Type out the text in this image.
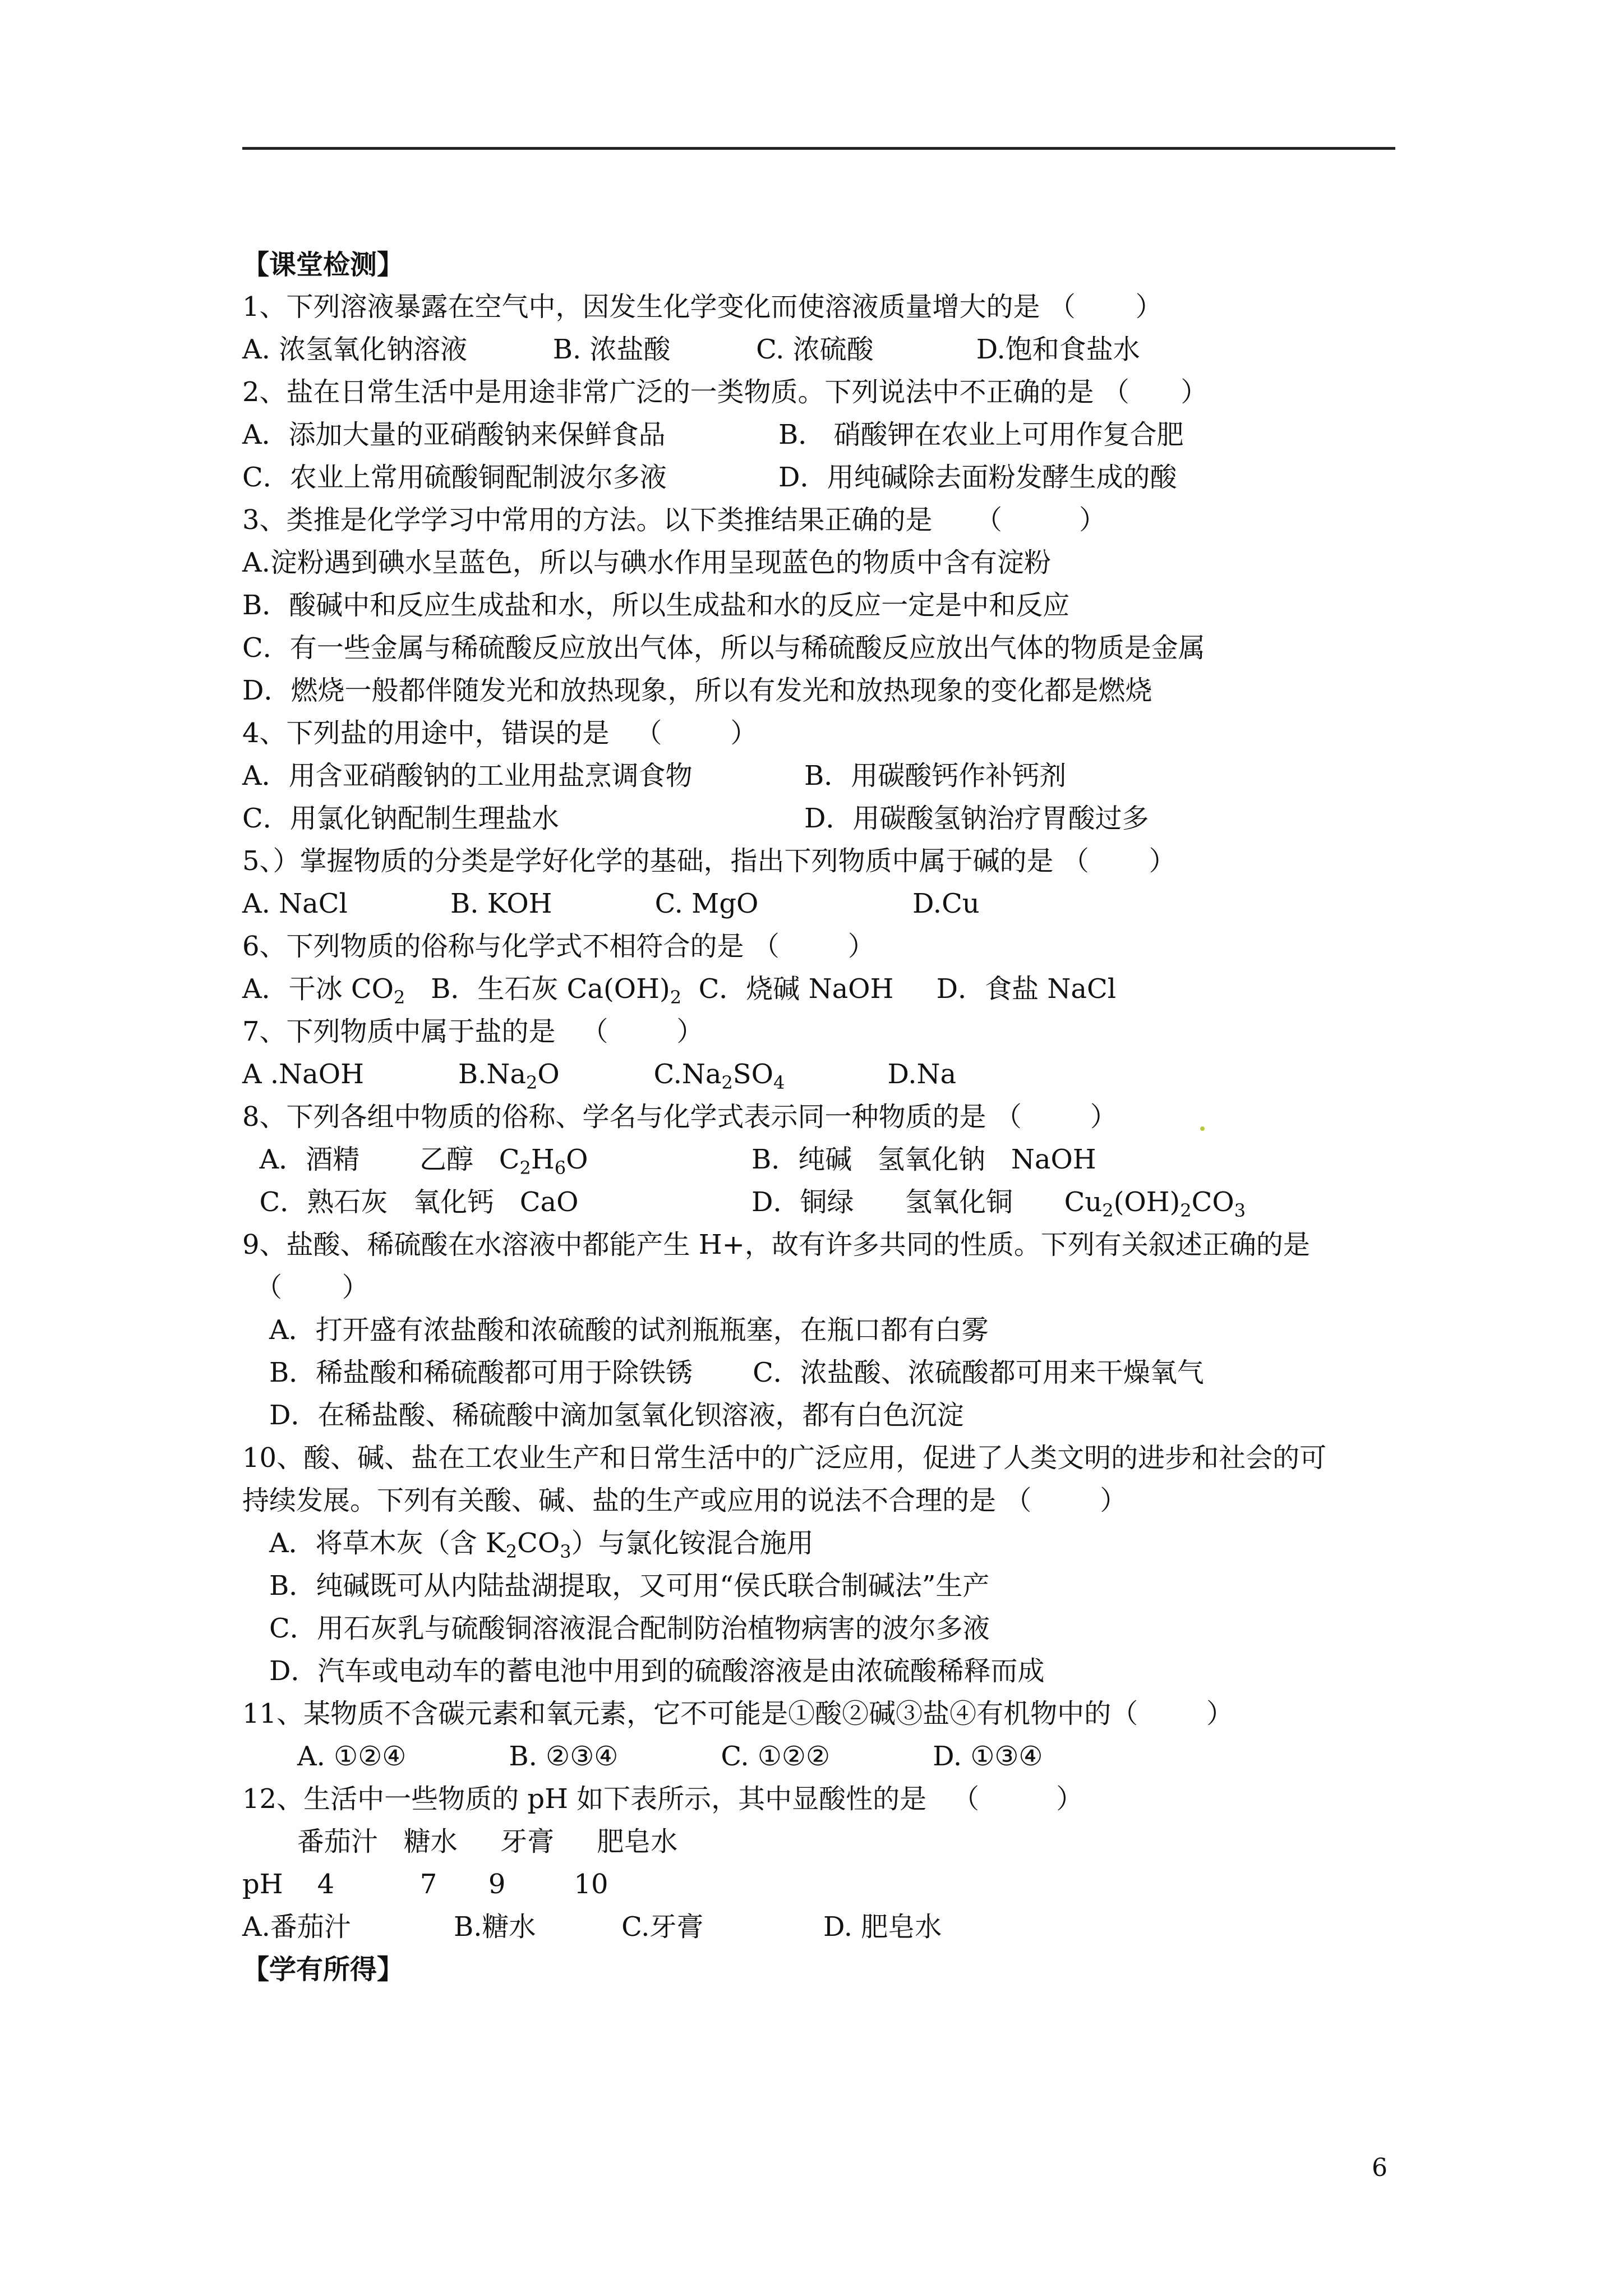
【课堂检测】
1、下列溶液暴露在空气中，因发生化学变化而使溶液质量增大的是 （       ）
A. 浓氢氧化钠溶液          B. 浓盐酸          C. 浓硫酸            D.饱和食盐水
2、盐在日常生活中是用途非常广泛的一类物质。下列说法中不正确的是 （      ）
A．添加大量的亚硝酸钠来保鲜食品	B． 硝酸钾在农业上可用作复合肥
C．农业上常用硫酸铜配制波尔多液	D．用纯碱除去面粉发酵生成的酸
3、类推是化学学习中常用的方法。以下类推结果正确的是     （         ）
A.淀粉遇到碘水呈蓝色，所以与碘水作用呈现蓝色的物质中含有淀粉
B．酸碱中和反应生成盐和水，所以生成盐和水的反应一定是中和反应
C．有一些金属与稀硫酸反应放出气体，所以与稀硫酸反应放出气体的物质是金属
D．燃烧一般都伴随发光和放热现象，所以有发光和放热现象的变化都是燃烧
4、下列盐的用途中，错误的是   （        ）
A．用含亚硝酸钠的工业用盐烹调食物	B．用碳酸钙作补钙剂
C．用氯化钠配制生理盐水	D．用碳酸氢钠治疗胃酸过多
5、）掌握物质的分类是学好化学的基础，指出下列物质中属于碱的是 （       ）
A. NaCl            B. KOH            C. MgO                  D.Cu
6、下列物质的俗称与化学式不相符合的是 （        ）
A．干冰 $CO_2$   B．生石灰 $Ca(OH)_2$  C．烧碱 NaOH     D．食盐 NaCl
7、下列物质中属于盐的是   （        ）
A .NaOH           $B.Na_2O$           $C.Na_2SO_4$            D.Na
8、下列各组中物质的俗称、学名与化学式表示同一种物质的是 （        ）
A．酒精       乙醇   $C_2H_6O$	B．纯碱   氢氧化钠   NaOH
C．熟石灰   氧化钙   CaO	D．铜绿      氢氧化铜      $Cu_2(OH)_2CO_3$
9、盐酸、稀硫酸在水溶液中都能产生 H+，故有许多共同的性质。下列有关叙述正确的是
（       ）
A．打开盛有浓盐酸和浓硫酸的试剂瓶瓶塞，在瓶口都有白雾
B．稀盐酸和稀硫酸都可用于除铁锈       C．浓盐酸、浓硫酸都可用来干燥氧气
D．在稀盐酸、稀硫酸中滴加氢氧化钡溶液，都有白色沉淀
10、酸、碱、盐在工农业生产和日常生活中的广泛应用，促进了人类文明的进步和社会的可
持续发展。下列有关酸、碱、盐的生产或应用的说法不合理的是 （        ）
A．将草木灰（含 $K_2CO_3$）与氯化铵混合施用
B．纯碱既可从内陆盐湖提取，又可用“侯氏联合制碱法”生产
C．用石灰乳与硫酸铜溶液混合配制防治植物病害的波尔多液
D．汽车或电动车的蓄电池中用到的硫酸溶液是由浓硫酸稀释而成
11、某物质不含碳元素和氧元素，它不可能是①酸②碱③盐④有机物中的（        ）
A. ①②④            B. ②③④            C. ①②②            D. ①③④
12、生活中一些物质的 pH 如下表所示，其中显酸性的是   （         ）
番茄汁   糖水     牙膏     肥皂水
pH    4          7      9        10
A.番茄汁            B.糖水          C.牙膏              D. 肥皂水
【学有所得】
6
